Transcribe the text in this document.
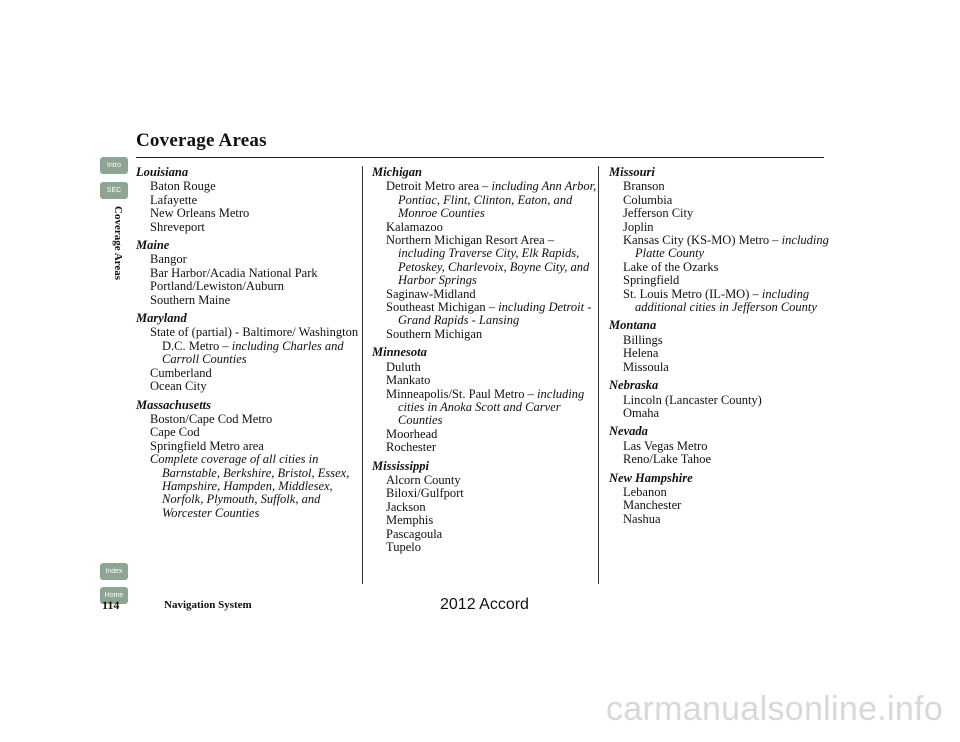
Coverage Areas
Intro
SEC
Coverage Areas
Index
Home
Louisiana
Baton Rouge
Lafayette
New Orleans Metro
Shreveport
Maine
Bangor
Bar Harbor/Acadia National Park
Portland/Lewiston/Auburn
Southern Maine
Maryland
State of (partial) - Baltimore/ Washington D.C. Metro – including Charles and Carroll Counties
Cumberland
Ocean City
Massachusetts
Boston/Cape Cod Metro
Cape Cod
Springfield Metro area
Complete coverage of all cities in Barnstable, Berkshire, Bristol, Essex, Hampshire, Hampden, Middlesex, Norfolk, Plymouth, Suffolk, and Worcester Counties
Michigan
Detroit Metro area – including Ann Arbor, Pontiac, Flint, Clinton, Eaton, and Monroe Counties
Kalamazoo
Northern Michigan Resort Area – including Traverse City, Elk Rapids, Petoskey, Charlevoix, Boyne City, and Harbor Springs
Saginaw-Midland
Southeast Michigan – including Detroit - Grand Rapids - Lansing
Southern Michigan
Minnesota
Duluth
Mankato
Minneapolis/St. Paul Metro – including cities in Anoka Scott and Carver Counties
Moorhead
Rochester
Mississippi
Alcorn County
Biloxi/Gulfport
Jackson
Memphis
Pascagoula
Tupelo
Missouri
Branson
Columbia
Jefferson City
Joplin
Kansas City (KS-MO) Metro – including Platte County
Lake of the Ozarks
Springfield
St. Louis Metro (IL-MO) – including additional cities in Jefferson County
Montana
Billings
Helena
Missoula
Nebraska
Lincoln (Lancaster County)
Omaha
Nevada
Las Vegas Metro
Reno/Lake Tahoe
New Hampshire
Lebanon
Manchester
Nashua
114	Navigation System	2012 Accord
carmanualsonline.info
